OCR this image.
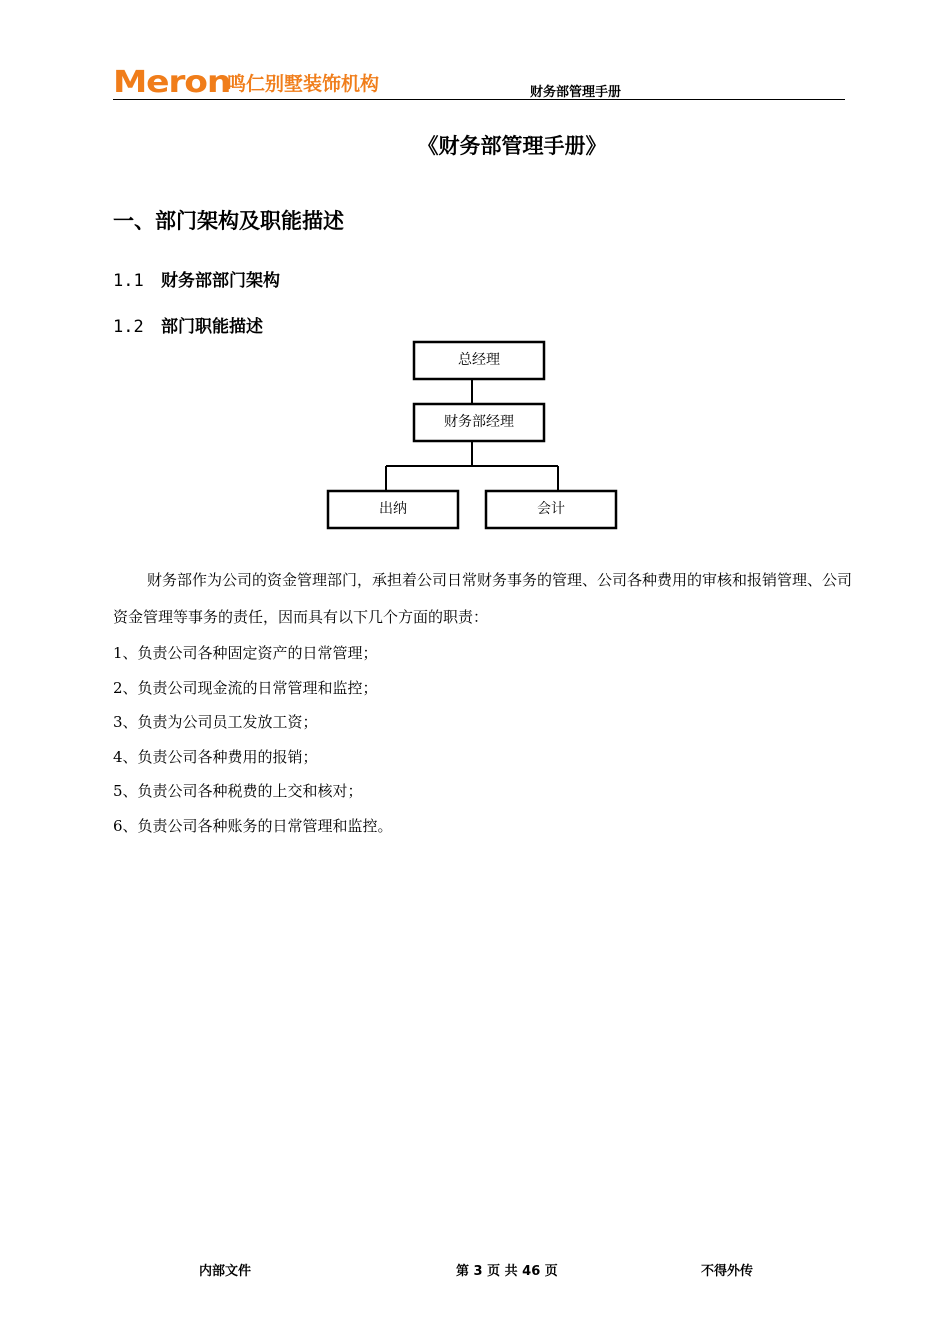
Meron
鸣仁别墅装饰机构	财务部管理手册
《财务部管理手册》
一、部门架构及职能描述
1.1 财务部部门架构
1.2 部门职能描述
总经理
财务部经理
出纳	会计
财务部作为公司的资金管理部门，承担着公司日常财务事务的管理、公司各种费用的审核和报销管理、公司资金管理等事务的责任，因而具有以下几个方面的职责：
1、负责公司各种固定资产的日常管理；
2、负责公司现金流的日常管理和监控；
3、负责为公司员工发放工资；
4、负责公司各种费用的报销；
5、负责公司各种税费的上交和核对；
6、负责公司各种账务的日常管理和监控。
内部文件	第 3 页 共 46 页	不得外传
